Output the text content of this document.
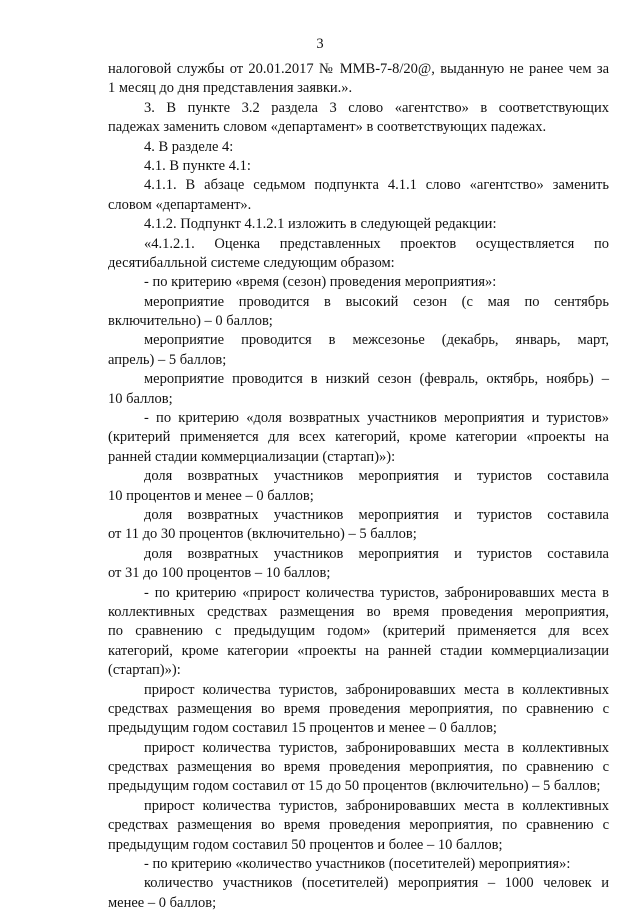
3
налоговой службы от 20.01.2017 № ММВ-7-8/20@, выданную не ранее чем за
1 месяц до дня представления заявки.».
3. В пункте 3.2 раздела 3 слово «агентство» в соответствующих
падежах заменить словом «департамент» в соответствующих падежах.
4. В разделе 4:
4.1. В пункте 4.1:
4.1.1. В абзаце седьмом подпункта 4.1.1 слово «агентство» заменить
словом «департамент».
4.1.2. Подпункт 4.1.2.1 изложить в следующей редакции:
«4.1.2.1. Оценка представленных проектов осуществляется по
десятибалльной системе следующим образом:
- по критерию «время (сезон) проведения мероприятия»:
мероприятие проводится в высокий сезон (с мая по сентябрь
включительно) – 0 баллов;
мероприятие проводится в межсезонье (декабрь, январь, март,
апрель) – 5 баллов;
мероприятие проводится в низкий сезон (февраль, октябрь, ноябрь) –
10 баллов;
- по критерию «доля возвратных участников мероприятия и туристов»
(критерий применяется для всех категорий, кроме категории «проекты на
ранней стадии коммерциализации (стартап)»):
доля возвратных участников мероприятия и туристов составила
10 процентов и менее – 0 баллов;
доля возвратных участников мероприятия и туристов составила
от 11 до 30 процентов (включительно) – 5 баллов;
доля возвратных участников мероприятия и туристов составила
от 31 до 100 процентов – 10 баллов;
- по критерию «прирост количества туристов, забронировавших места в
коллективных средствах размещения во время проведения мероприятия,
по сравнению с предыдущим годом» (критерий применяется для всех
категорий, кроме категории «проекты на ранней стадии коммерциализации
(стартап)»):
прирост количества туристов, забронировавших места в коллективных
средствах размещения во время проведения мероприятия, по сравнению с
предыдущим годом составил 15 процентов и менее – 0 баллов;
прирост количества туристов, забронировавших места в коллективных
средствах размещения во время проведения мероприятия, по сравнению с
предыдущим годом составил от 15 до 50 процентов (включительно) – 5 баллов;
прирост количества туристов, забронировавших места в коллективных
средствах размещения во время проведения мероприятия, по сравнению с
предыдущим годом составил 50 процентов и более – 10 баллов;
- по критерию «количество участников (посетителей) мероприятия»:
количество участников (посетителей) мероприятия – 1000 человек и
менее – 0 баллов;
